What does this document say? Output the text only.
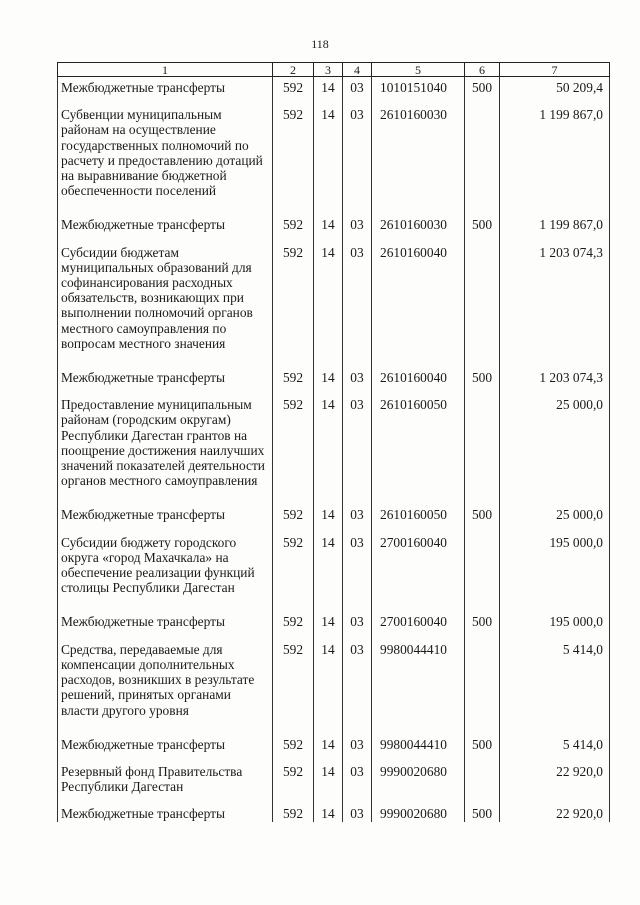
118
1	2	3	4	5	6	7
Межбюджетные трансферты	592	14	03	1010151040	500	50 209,4
Субвенции муниципальным районам на осуществление государственных полномочий по расчету и предоставлению дотаций на выравнивание бюджетной обеспеченности поселений	592	14	03	2610160030		1 199 867,0
Межбюджетные трансферты	592	14	03	2610160030	500	1 199 867,0
Субсидии бюджетам муниципальных образований для софинансирования расходных обязательств, возникающих при выполнении полномочий органов местного самоуправления по вопросам местного значения	592	14	03	2610160040		1 203 074,3
Межбюджетные трансферты	592	14	03	2610160040	500	1 203 074,3
Предоставление муниципальным районам (городским округам) Республики Дагестан грантов на поощрение достижения наилучших значений показателей деятельности органов местного самоуправления	592	14	03	2610160050		25 000,0
Межбюджетные трансферты	592	14	03	2610160050	500	25 000,0
Субсидии бюджету городского округа «город Махачкала» на обеспечение реализации функций столицы Республики Дагестан	592	14	03	2700160040		195 000,0
Межбюджетные трансферты	592	14	03	2700160040	500	195 000,0
Средства, передаваемые для компенсации дополнительных расходов, возникших в результате решений, принятых органами власти другого уровня	592	14	03	9980044410		5 414,0
Межбюджетные трансферты	592	14	03	9980044410	500	5 414,0
Резервный фонд Правительства Республики Дагестан	592	14	03	9990020680		22 920,0
Межбюджетные трансферты	592	14	03	9990020680	500	22 920,0
